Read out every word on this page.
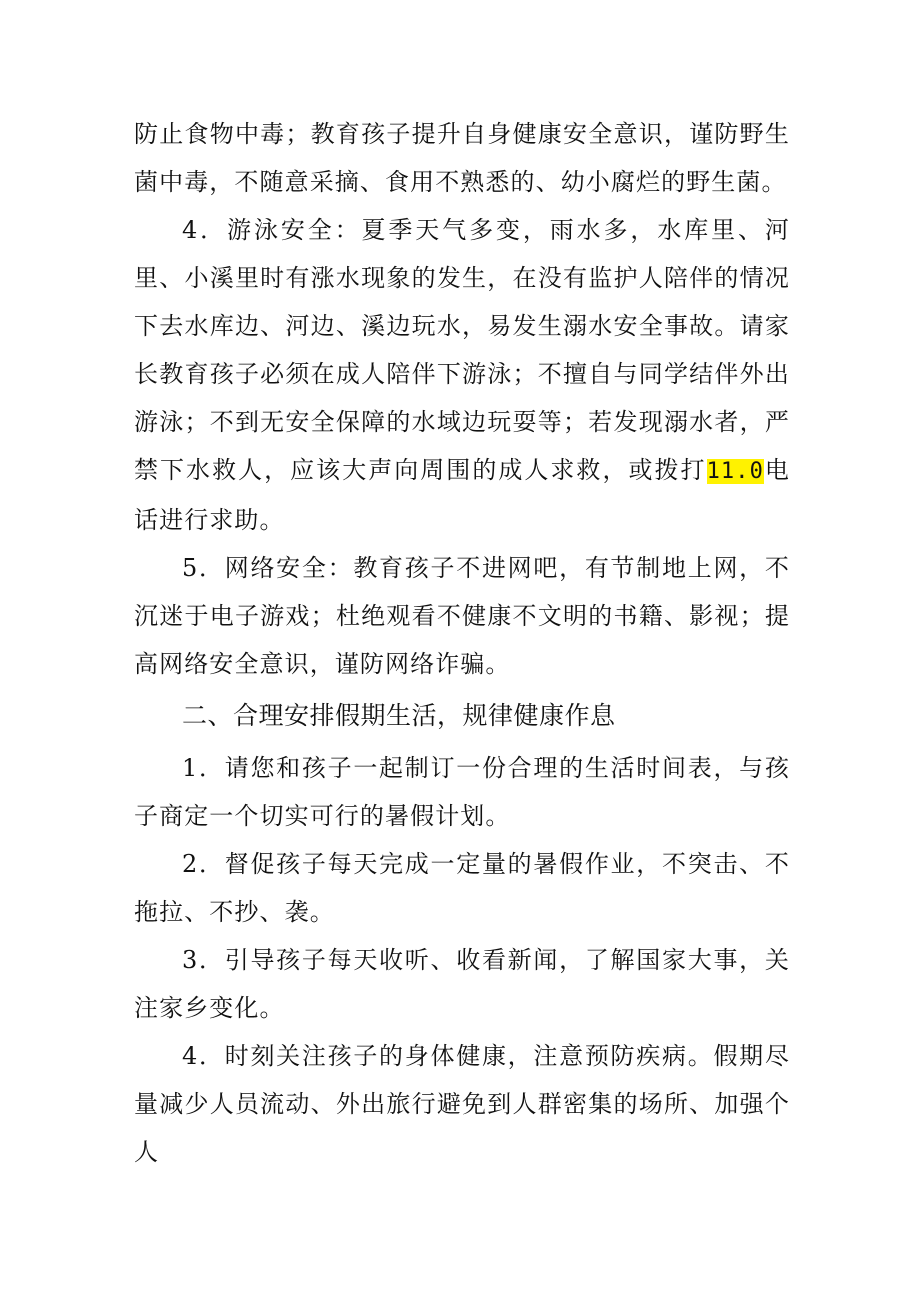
防止食物中毒；教育孩子提升自身健康安全意识，谨防野生菌中毒，不随意采摘、食用不熟悉的、幼小腐烂的野生菌。

4．游泳安全：夏季天气多变，雨水多，水库里、河里、小溪里时有涨水现象的发生，在没有监护人陪伴的情况下去水库边、河边、溪边玩水，易发生溺水安全事故。请家长教育孩子必须在成人陪伴下游泳；不擅自与同学结伴外出游泳；不到无安全保障的水域边玩耍等；若发现溺水者，严禁下水救人，应该大声向周围的成人求救，或拨打11.0电话进行求助。

5．网络安全：教育孩子不进网吧，有节制地上网，不沉迷于电子游戏；杜绝观看不健康不文明的书籍、影视；提高网络安全意识，谨防网络诈骗。

二、合理安排假期生活，规律健康作息

1．请您和孩子一起制订一份合理的生活时间表，与孩子商定一个切实可行的暑假计划。

2．督促孩子每天完成一定量的暑假作业，不突击、不拖拉、不抄、袭。

3．引导孩子每天收听、收看新闻，了解国家大事，关注家乡变化。

4．时刻关注孩子的身体健康，注意预防疾病。假期尽量减少人员流动、外出旅行避免到人群密集的场所、加强个人
